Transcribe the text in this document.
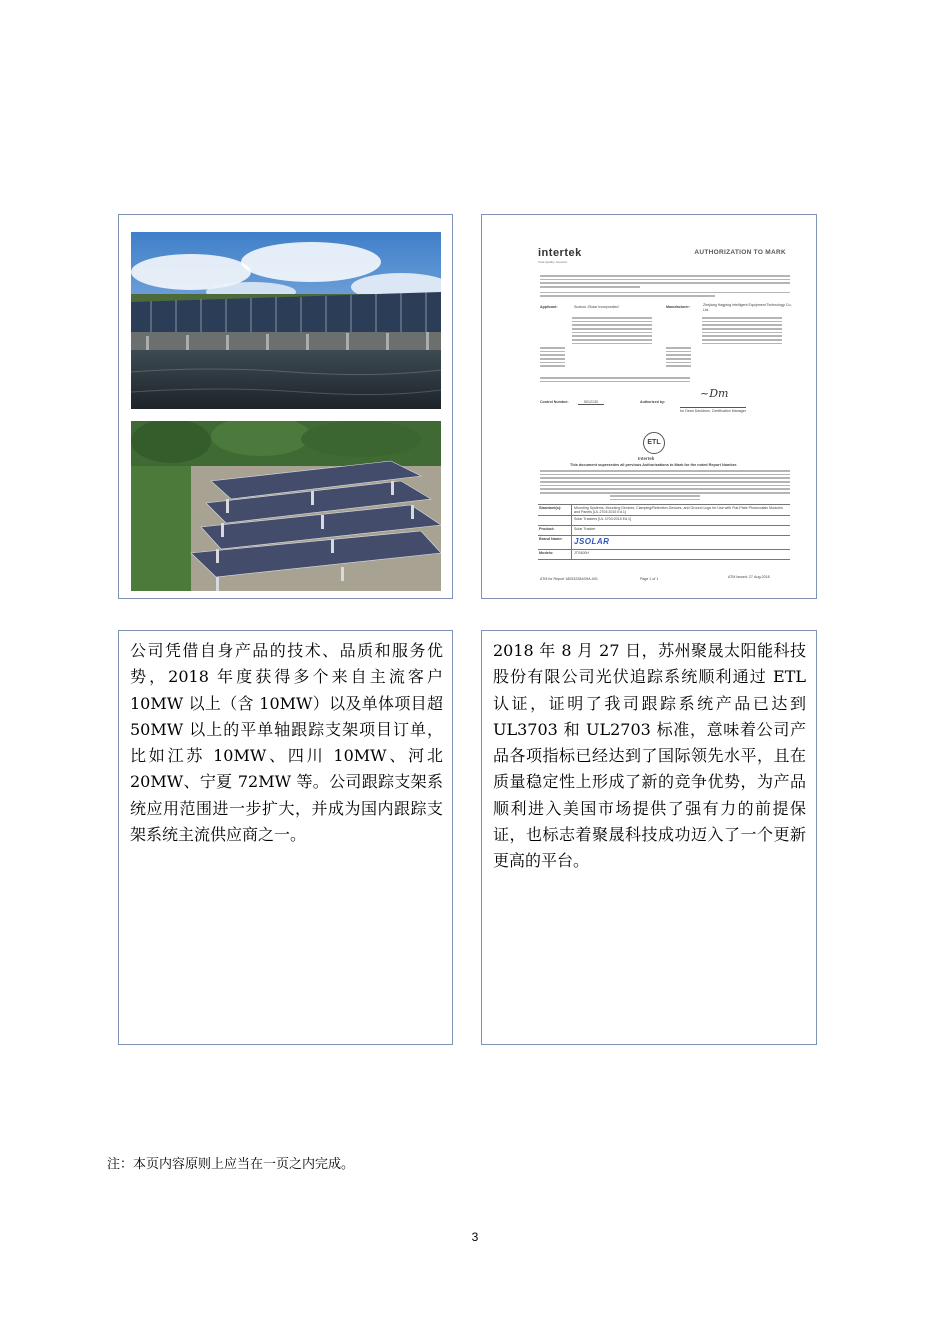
intertek
Total Quality. Assured.
AUTHORIZATION TO MARK
Applicant:	Suzhou JSolar Incorporated	Manufacturer:	Zhejiang Hagping Intelligent Equipment Technology Co., Ltd.
Control Number:	5012130	Authorized by:
~Dm
for Dean Davidson, Certification Manager
ETL
Intertek
This document supersedes all previous Authorizations to Mark for the noted Report Number.
Standard(s):	Mounting Systems, Mounting Devices, Clamping/Retention Devices, and Ground Lugs for Use with Flat-Plate Photovoltaic Modules and Panels [UL 2703:2015 Ed.1]
Solar Trackers [UL 3703:2015 Ed.1]
Product:	Solar Tracker
Brand Name:	JSOLAR
Models:	JTS400H
ATM for Report 180932284SHA-001	Page 1 of 1	ATM Issued: 27-Aug-2018
公司凭借自身产品的技术、品质和服务优势，2018 年度获得多个来自主流客户10MW 以上（含 10MW）以及单体项目超50MW 以上的平单轴跟踪支架项目订单，比如江苏 10MW、四川 10MW、河北 20MW、宁夏 72MW 等。公司跟踪支架系统应用范围进一步扩大，并成为国内跟踪支架系统主流供应商之一。
2018 年 8 月 27 日，苏州聚晟太阳能科技股份有限公司光伏追踪系统顺利通过 ETL 认证，证明了我司跟踪系统产品已达到UL3703 和 UL2703 标准，意味着公司产品各项指标已经达到了国际领先水平，且在质量稳定性上形成了新的竞争优势，为产品顺利进入美国市场提供了强有力的前提保证，也标志着聚晟科技成功迈入了一个更新更高的平台。
注：本页内容原则上应当在一页之内完成。
3
